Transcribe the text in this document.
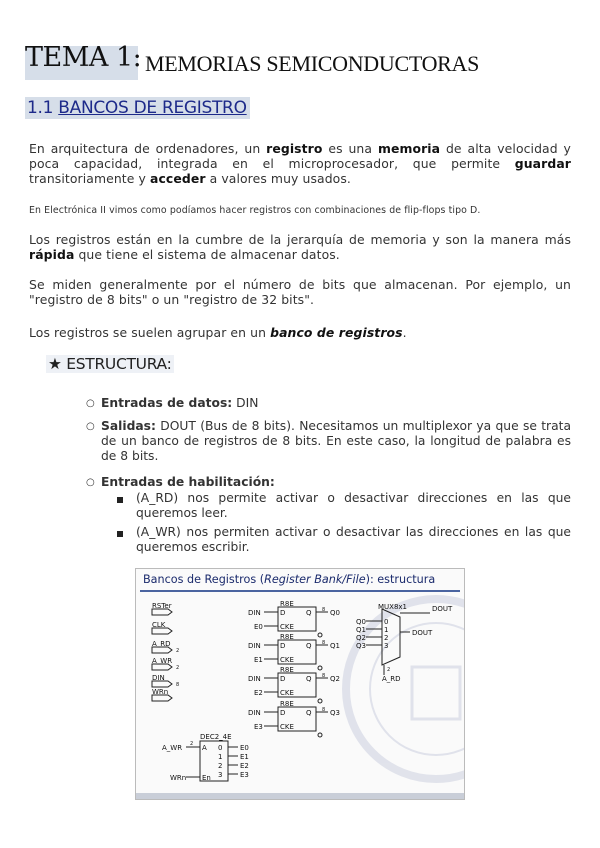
TEMA 1: MEMORIAS SEMICONDUCTORAS
1.1 BANCOS DE REGISTRO

En arquitectura de ordenadores, un registro es una memoria de alta velocidad y poca capacidad, integrada en el microprocesador, que permite guardar transitoriamente y acceder a valores muy usados.

En Electrónica II vimos como podíamos hacer registros con combinaciones de flip-flops tipo D.

Los registros están en la cumbre de la jerarquía de memoria y son la manera más rápida que tiene el sistema de almacenar datos.

Se miden generalmente por el número de bits que almacenan. Por ejemplo, un "registro de 8 bits" o un "registro de 32 bits".

Los registros se suelen agrupar en un banco de registros.

★ ESTRUCTURA:
○ Entradas de datos: DIN
○ Salidas: DOUT (Bus de 8 bits). Necesitamos un multiplexor ya que se trata de un banco de registros de 8 bits. En este caso, la longitud de palabra es de 8 bits.
○ Entradas de habilitación:
(A_RD) nos permite activar o desactivar direcciones en las que queremos leer.
(A_WR) nos permiten activar o desactivar las direcciones en las que queremos escribir.
Bancos de Registros (Register Bank/File): estructura
RSTer
CLK
A_RD
A_WR
DIN
WRn
2
2
8
R8E
DIN	D	Q
CKE
8 Q0
E0
R8E
DIN	D	Q
CKE
8 Q1
E1
R8E
DIN	D	Q
CKE
8 Q2
E2
R8E
DIN	D	Q
CKE
8 Q3
E3
MUX8x1	DOUT
DOUT
A_RD
2
Q0
Q1
Q2
Q3
0
1
2
3
DEC2_4E
A_WR
WRn
2 A
En
0
1
2
3
E0
E1
E2
E3
